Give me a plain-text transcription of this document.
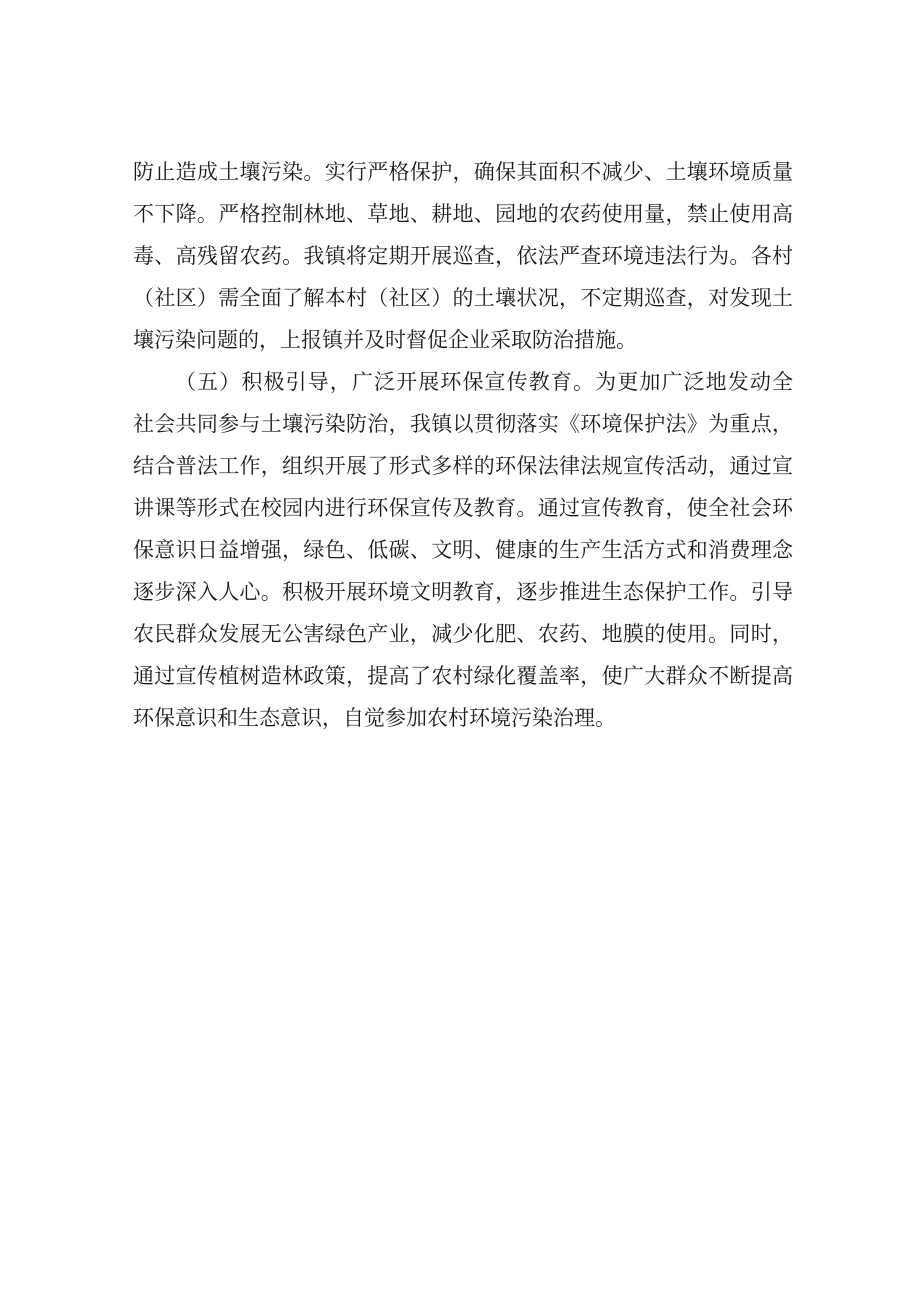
防止造成土壤污染。实行严格保护，确保其面积不减少、土壤环境质量
不下降。严格控制林地、草地、耕地、园地的农药使用量，禁止使用高
毒、高残留农药。我镇将定期开展巡查，依法严查环境违法行为。各村
（社区）需全面了解本村（社区）的土壤状况，不定期巡查，对发现土
壤污染问题的，上报镇并及时督促企业采取防治措施。
（五）积极引导，广泛开展环保宣传教育。为更加广泛地发动全
社会共同参与土壤污染防治，我镇以贯彻落实《环境保护法》为重点，
结合普法工作，组织开展了形式多样的环保法律法规宣传活动，通过宣
讲课等形式在校园内进行环保宣传及教育。通过宣传教育，使全社会环
保意识日益增强，绿色、低碳、文明、健康的生产生活方式和消费理念
逐步深入人心。积极开展环境文明教育，逐步推进生态保护工作。引导
农民群众发展无公害绿色产业，减少化肥、农药、地膜的使用。同时，
通过宣传植树造林政策，提高了农村绿化覆盖率，使广大群众不断提高
环保意识和生态意识，自觉参加农村环境污染治理。
